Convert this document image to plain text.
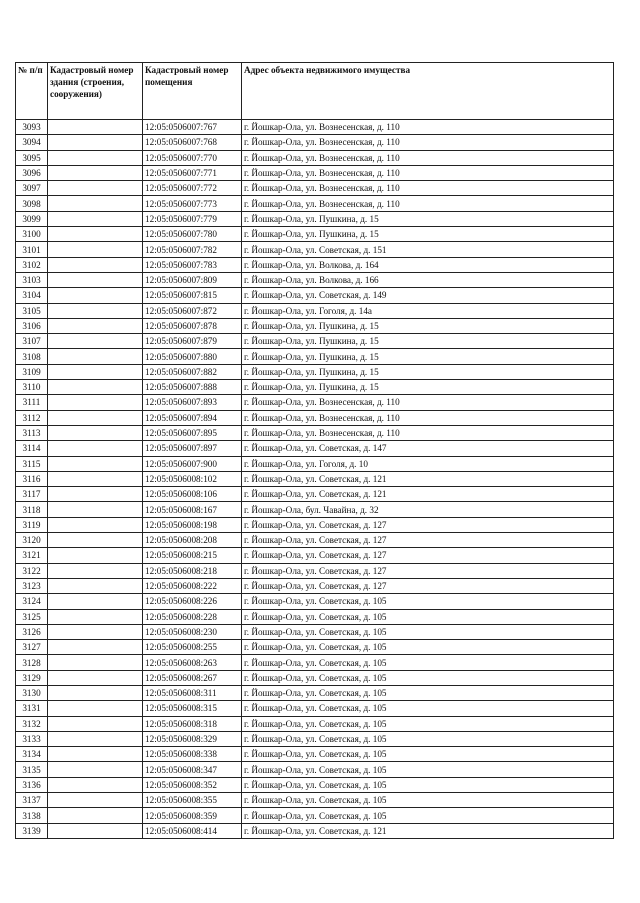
№ п/п	Кадастровый номер здания (строения, сооружения)	Кадастровый номер помещения	Адрес объекта недвижимого имущества
3093		12:05:0506007:767	г. Йошкар-Ола, ул. Вознесенская, д. 110
3094		12:05:0506007:768	г. Йошкар-Ола, ул. Вознесенская, д. 110
3095		12:05:0506007:770	г. Йошкар-Ола, ул. Вознесенская, д. 110
3096		12:05:0506007:771	г. Йошкар-Ола, ул. Вознесенская, д. 110
3097		12:05:0506007:772	г. Йошкар-Ола, ул. Вознесенская, д. 110
3098		12:05:0506007:773	г. Йошкар-Ола, ул. Вознесенская, д. 110
3099		12:05:0506007:779	г. Йошкар-Ола, ул. Пушкина, д. 15
3100		12:05:0506007:780	г. Йошкар-Ола, ул. Пушкина, д. 15
3101		12:05:0506007:782	г. Йошкар-Ола, ул. Советская, д. 151
3102		12:05:0506007:783	г. Йошкар-Ола, ул. Волкова, д. 164
3103		12:05:0506007:809	г. Йошкар-Ола, ул. Волкова, д. 166
3104		12:05:0506007:815	г. Йошкар-Ола, ул. Советская, д. 149
3105		12:05:0506007:872	г. Йошкар-Ола, ул. Гоголя, д. 14а
3106		12:05:0506007:878	г. Йошкар-Ола, ул. Пушкина, д. 15
3107		12:05:0506007:879	г. Йошкар-Ола, ул. Пушкина, д. 15
3108		12:05:0506007:880	г. Йошкар-Ола, ул. Пушкина, д. 15
3109		12:05:0506007:882	г. Йошкар-Ола, ул. Пушкина, д. 15
3110		12:05:0506007:888	г. Йошкар-Ола, ул. Пушкина, д. 15
3111		12:05:0506007:893	г. Йошкар-Ола, ул. Вознесенская, д. 110
3112		12:05:0506007:894	г. Йошкар-Ола, ул. Вознесенская, д. 110
3113		12:05:0506007:895	г. Йошкар-Ола, ул. Вознесенская, д. 110
3114		12:05:0506007:897	г. Йошкар-Ола, ул. Советская, д. 147
3115		12:05:0506007:900	г. Йошкар-Ола, ул. Гоголя, д. 10
3116		12:05:0506008:102	г. Йошкар-Ола, ул. Советская, д. 121
3117		12:05:0506008:106	г. Йошкар-Ола, ул. Советская, д. 121
3118		12:05:0506008:167	г. Йошкар-Ола, бул. Чавайна, д. 32
3119		12:05:0506008:198	г. Йошкар-Ола, ул. Советская, д. 127
3120		12:05:0506008:208	г. Йошкар-Ола, ул. Советская, д. 127
3121		12:05:0506008:215	г. Йошкар-Ола, ул. Советская, д. 127
3122		12:05:0506008:218	г. Йошкар-Ола, ул. Советская, д. 127
3123		12:05:0506008:222	г. Йошкар-Ола, ул. Советская, д. 127
3124		12:05:0506008:226	г. Йошкар-Ола, ул. Советская, д. 105
3125		12:05:0506008:228	г. Йошкар-Ола, ул. Советская, д. 105
3126		12:05:0506008:230	г. Йошкар-Ола, ул. Советская, д. 105
3127		12:05:0506008:255	г. Йошкар-Ола, ул. Советская, д. 105
3128		12:05:0506008:263	г. Йошкар-Ола, ул. Советская, д. 105
3129		12:05:0506008:267	г. Йошкар-Ола, ул. Советская, д. 105
3130		12:05:0506008:311	г. Йошкар-Ола, ул. Советская, д. 105
3131		12:05:0506008:315	г. Йошкар-Ола, ул. Советская, д. 105
3132		12:05:0506008:318	г. Йошкар-Ола, ул. Советская, д. 105
3133		12:05:0506008:329	г. Йошкар-Ола, ул. Советская, д. 105
3134		12:05:0506008:338	г. Йошкар-Ола, ул. Советская, д. 105
3135		12:05:0506008:347	г. Йошкар-Ола, ул. Советская, д. 105
3136		12:05:0506008:352	г. Йошкар-Ола, ул. Советская, д. 105
3137		12:05:0506008:355	г. Йошкар-Ола, ул. Советская, д. 105
3138		12:05:0506008:359	г. Йошкар-Ола, ул. Советская, д. 105
3139		12:05:0506008:414	г. Йошкар-Ола, ул. Советская, д. 121
